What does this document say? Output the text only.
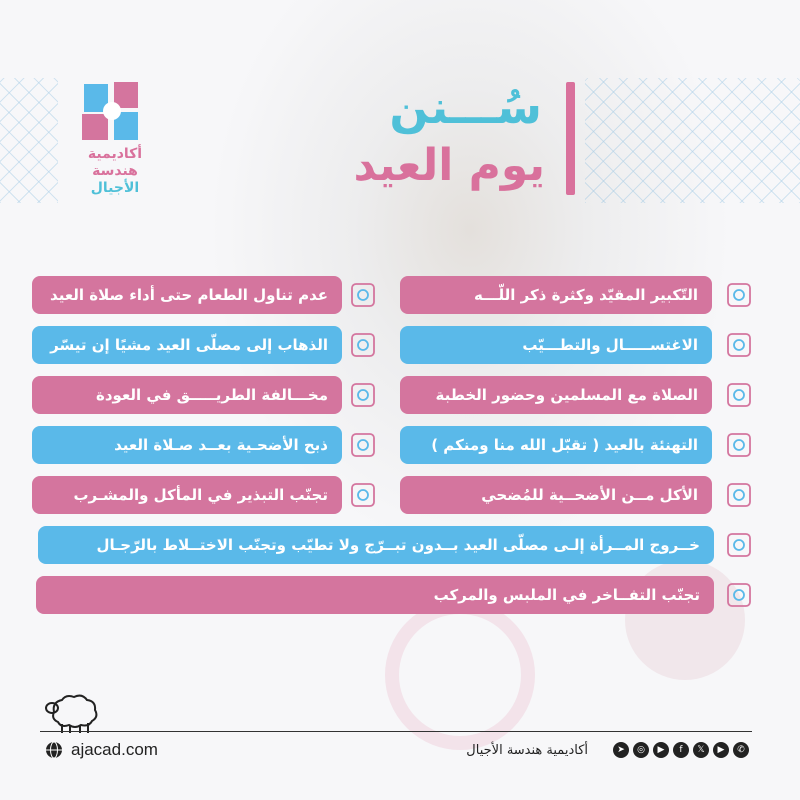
أكاديمية
هندسة
الأجيال
سُـــنن
يوم العيد
التّكبير المقيّد وكثرة ذكر اللّـــه
الاغتســـــال والتطـــيّب
الصلاة مع المسلمين وحضور الخطبة
التهنئة بالعيد ( تقبّل الله منا ومنكم )
الأكل مــن الأضحــية للمُضحي
عدم تناول الطعام حتى أداء صلاة العيد
الذهاب إلى مصلّى العيد مشيًا إن تيسّر
مخـــالفة الطريـــــق في العودة
ذبح الأضحـية بعــد صـلاة العيد
تجنّب التبذير في المأكل والمشـرب
خــروج المــرأة إلـى مصلّى العيد بــدون تبــرّج ولا تطيّب وتجنّب الاختــلاط بالرّجـال
تجنّب التفــاخر في الملبس والمركب
ajacad.com	أكاديمية هندسة الأجيال	➤	◎	▶	f	𝕏	▶	✆
